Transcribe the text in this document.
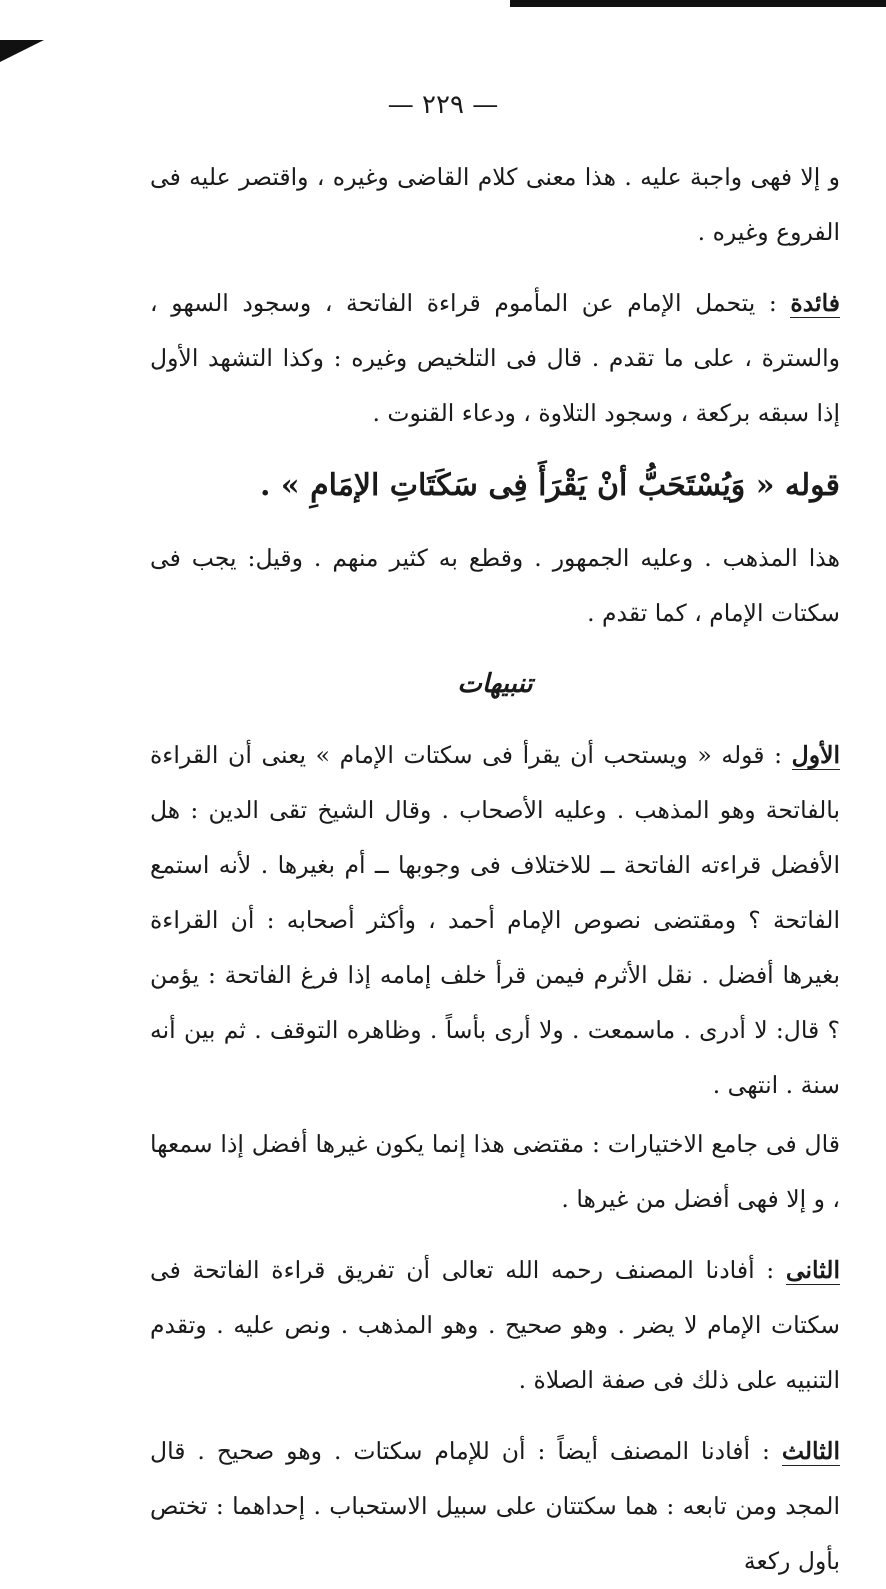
— ٢٢٩ —

و إلا فهى واجبة عليه . هذا معنى كلام القاضى وغيره ، واقتصر عليه فى الفروع وغيره .

فائدة : يتحمل الإمام عن المأموم قراءة الفاتحة ، وسجود السهو ، والسترة ، على ما تقدم . قال فى التلخيص وغيره : وكذا التشهد الأول إذا سبقه بركعة ، وسجود التلاوة ، ودعاء القنوت .

قوله « وَيُسْتَحَبُّ أنْ يَقْرَأَ فِى سَكَتَاتِ الإمَامِ » .

هذا المذهب . وعليه الجمهور . وقطع به كثير منهم . وقيل: يجب فى سكتات الإمام ، كما تقدم .

تنبيهات

الأول : قوله « ويستحب أن يقرأ فى سكتات الإمام » يعنى أن القراءة بالفاتحة وهو المذهب . وعليه الأصحاب . وقال الشيخ تقى الدين : هل الأفضل قراءته الفاتحة ــ للاختلاف فى وجوبها ــ أم بغيرها . لأنه استمع الفاتحة ؟ ومقتضى نصوص الإمام أحمد ، وأكثر أصحابه : أن القراءة بغيرها أفضل . نقل الأثرم فيمن قرأ خلف إمامه إذا فرغ الفاتحة : يؤمن ؟ قال: لا أدرى . ماسمعت . ولا أرى بأساً . وظاهره التوقف . ثم بين أنه سنة . انتهى .

قال فى جامع الاختيارات : مقتضى هذا إنما يكون غيرها أفضل إذا سمعها ، و إلا فهى أفضل من غيرها .

الثانى : أفادنا المصنف رحمه الله تعالى أن تفريق قراءة الفاتحة فى سكتات الإمام لا يضر . وهو صحيح . وهو المذهب . ونص عليه . وتقدم التنبيه على ذلك فى صفة الصلاة .

الثالث : أفادنا المصنف أيضاً : أن للإمام سكتات . وهو صحيح . قال المجد ومن تابعه : هما سكتتان على سبيل الاستحباب . إحداهما : تختص بأول ركعة
